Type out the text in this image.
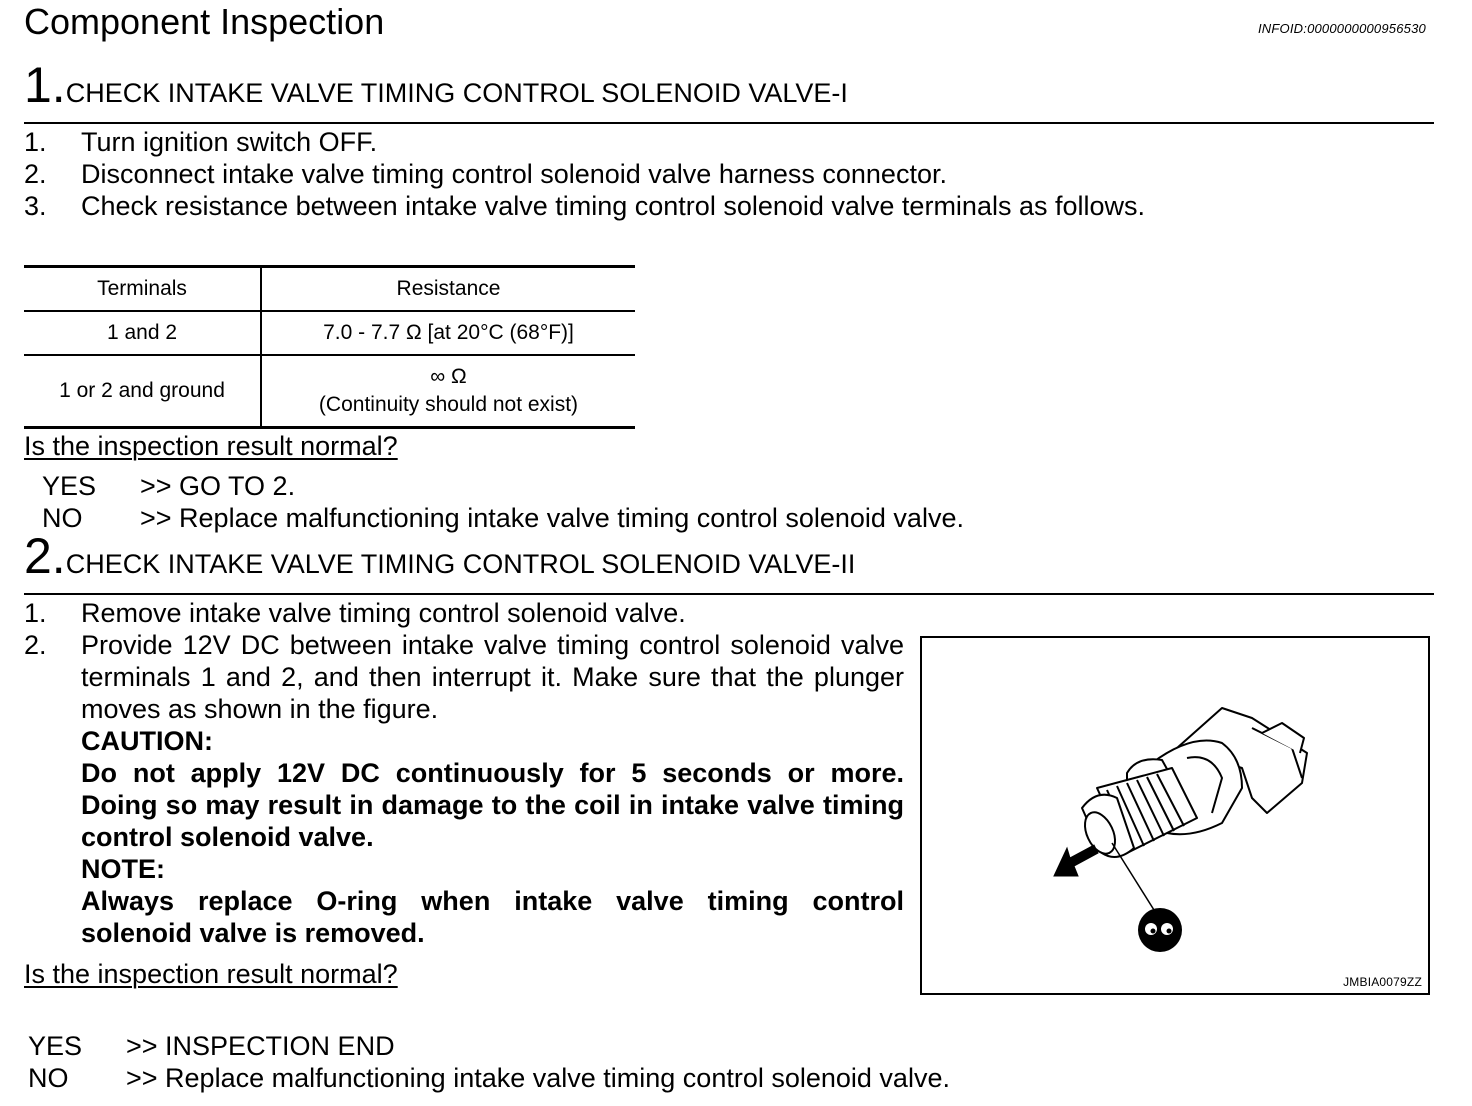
Component Inspection	INFOID:0000000000956530
1.CHECK INTAKE VALVE TIMING CONTROL SOLENOID VALVE-I
1. Turn ignition switch OFF.
2. Disconnect intake valve timing control solenoid valve harness connector.
3. Check resistance between intake valve timing control solenoid valve terminals as follows.
Terminals	Resistance
1 and 2	7.0 - 7.7 Ω [at 20°C (68°F)]
1 or 2 and ground	∞ Ω
(Continuity should not exist)
Is the inspection result normal?
YES >> GO TO 2.
NO >> Replace malfunctioning intake valve timing control solenoid valve.
2.CHECK INTAKE VALVE TIMING CONTROL SOLENOID VALVE-II
1. Remove intake valve timing control solenoid valve.
2. Provide 12V DC between intake valve timing control solenoid valve terminals 1 and 2, and then interrupt it. Make sure that the plunger moves as shown in the figure.
CAUTION:
Do not apply 12V DC continuously for 5 seconds or more. Doing so may result in damage to the coil in intake valve timing control solenoid valve.
NOTE:
Always replace O-ring when intake valve timing control solenoid valve is removed.
Is the inspection result normal?
YES >> INSPECTION END
NO >> Replace malfunctioning intake valve timing control solenoid valve.
JMBIA0079ZZ
